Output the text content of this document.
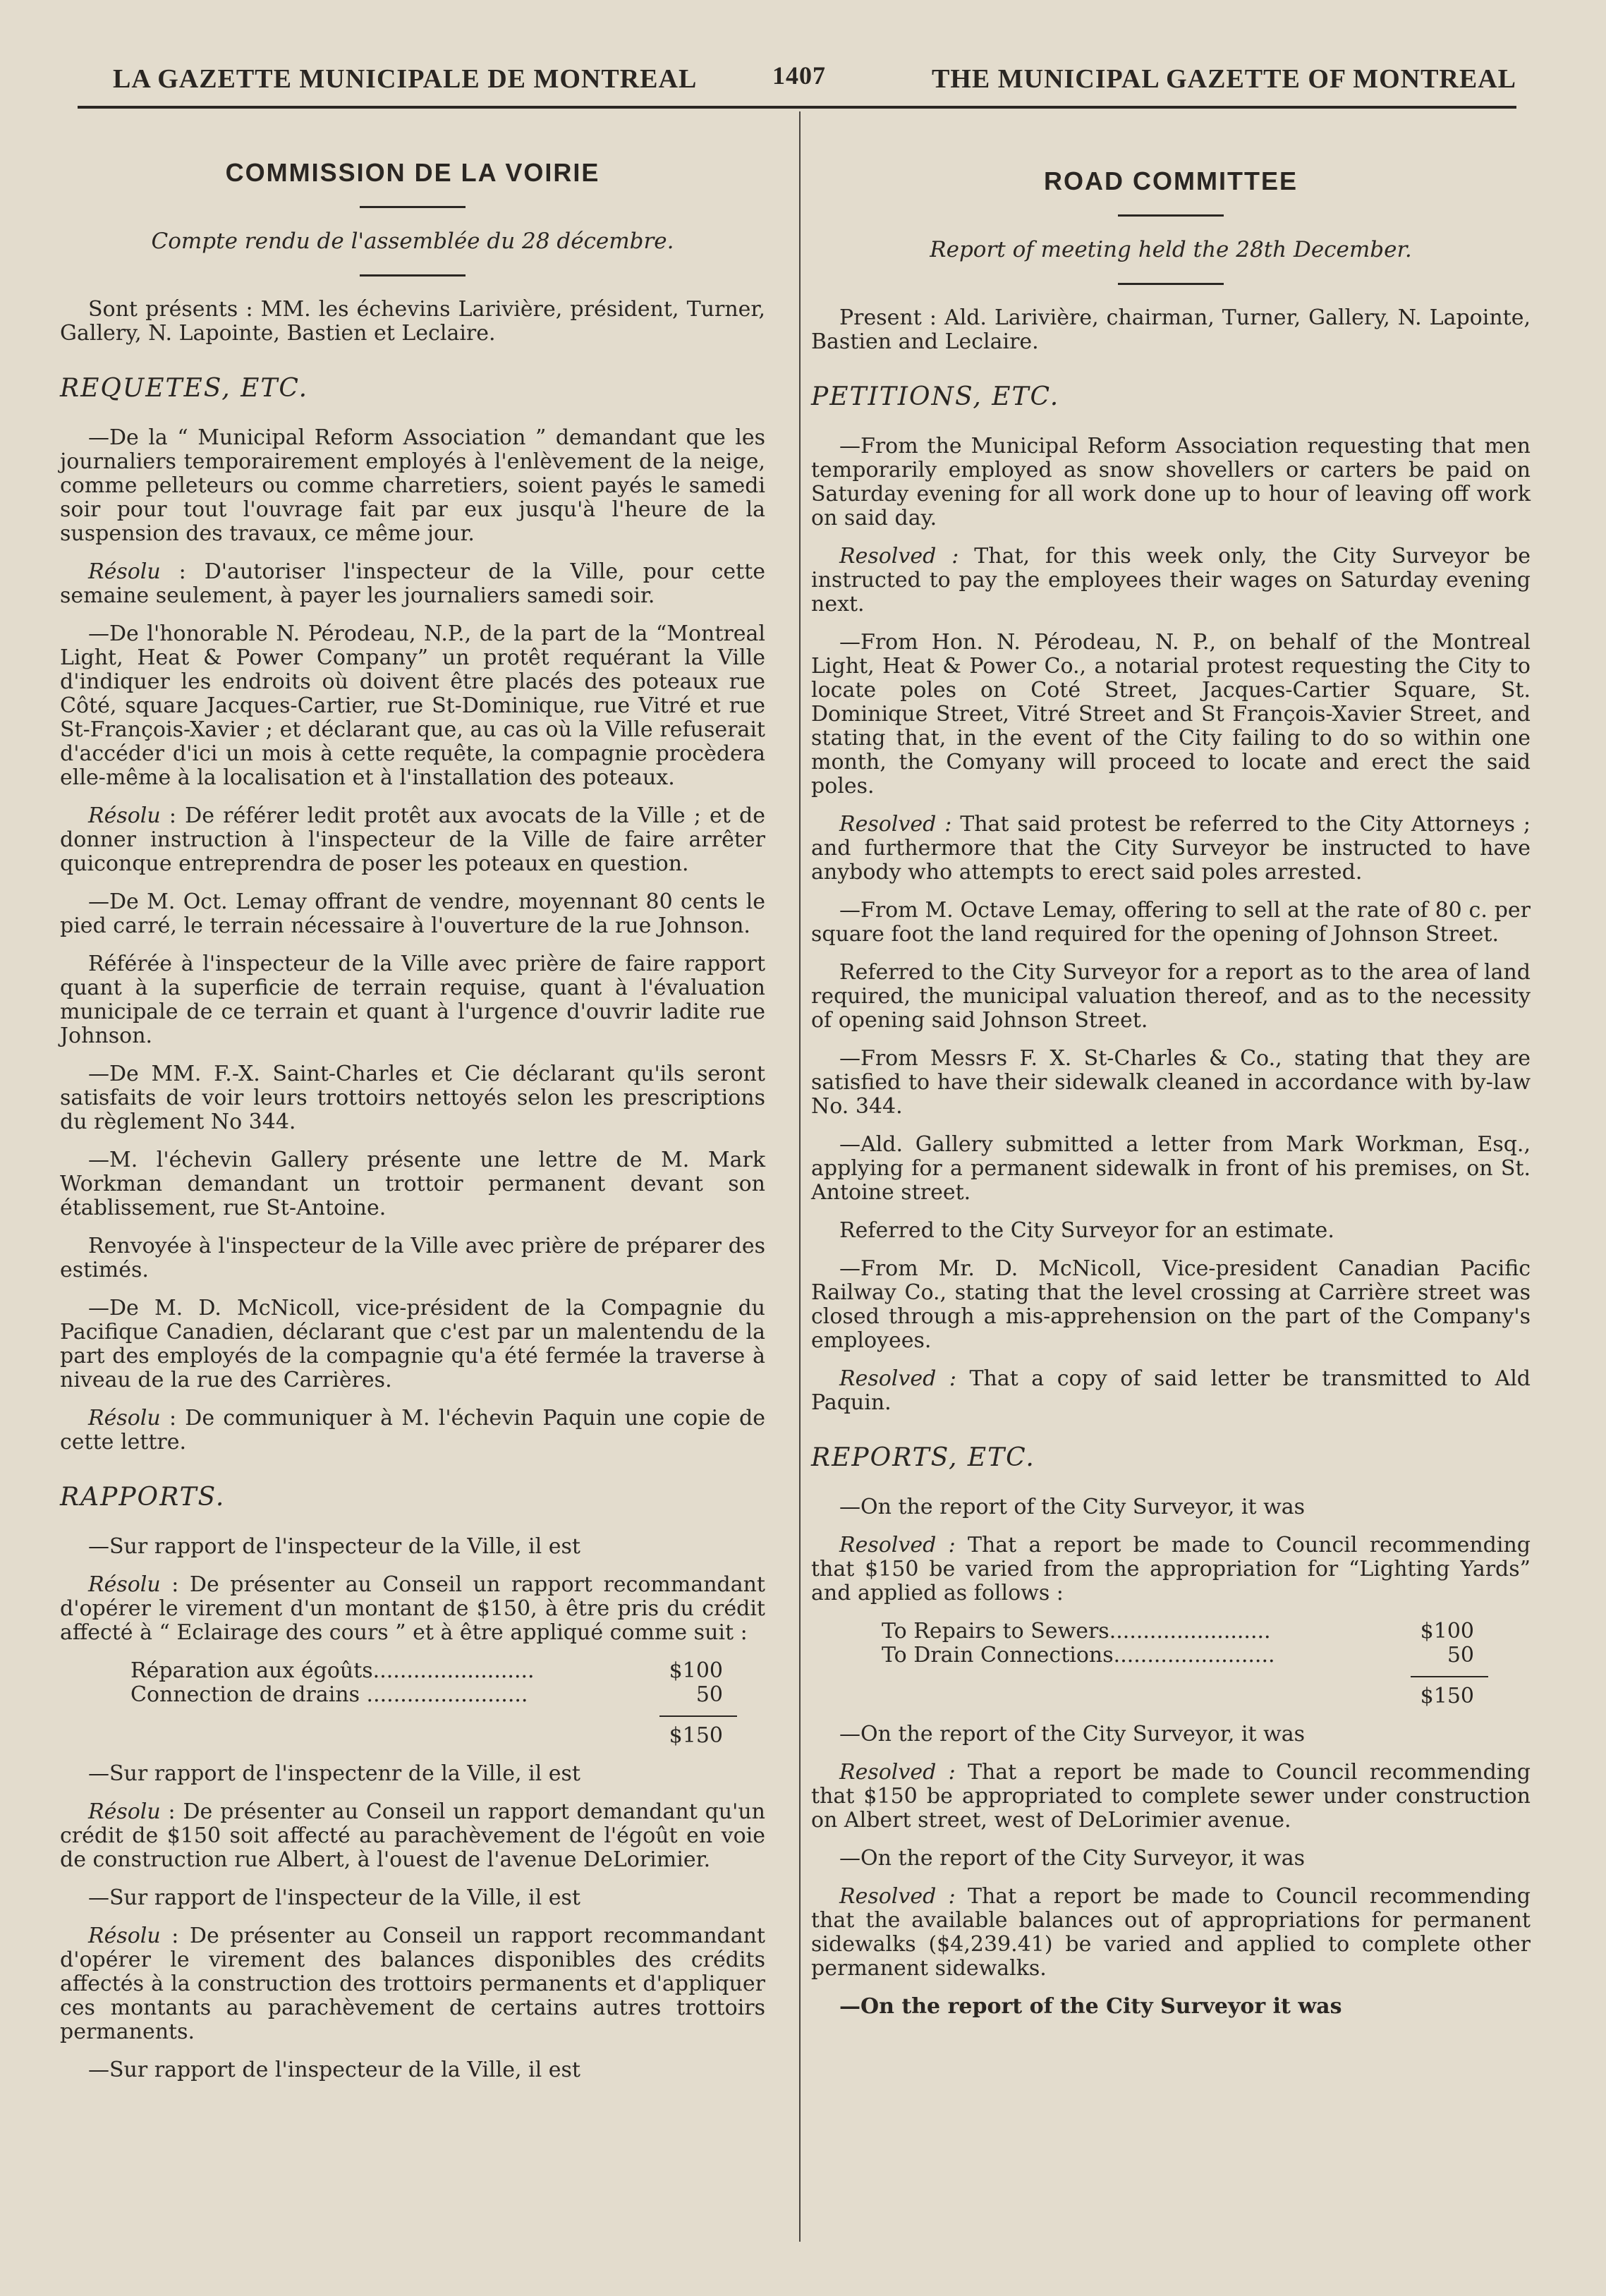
LA GAZETTE MUNICIPALE DE MONTREAL	1407	THE MUNICIPAL GAZETTE OF MONTREAL
COMMISSION DE LA VOIRIE
Compte rendu de l'assemblée du 28 décembre.

Sont présents : MM. les échevins Larivière, président, Turner, Gallery, N. Lapointe, Bastien et Leclaire.

REQUETES, ETC.

—De la “ Municipal Reform Association ” demandant que les journaliers temporairement employés à l'enlèvement de la neige, comme pelleteurs ou comme charretiers, soient payés le samedi soir pour tout l'ouvrage fait par eux jusqu'à l'heure de la suspension des travaux, ce même jour.

Résolu : D'autoriser l'inspecteur de la Ville, pour cette semaine seulement, à payer les journaliers samedi soir.

—De l'honorable N. Pérodeau, N.P., de la part de la “Montreal Light, Heat & Power Company” un protêt requérant la Ville d'indiquer les endroits où doivent être placés des poteaux rue Côté, square Jacques-Cartier, rue St-Dominique, rue Vitré et rue St-François-Xavier ; et déclarant que, au cas où la Ville refuserait d'accéder d'ici un mois à cette requête, la compagnie procèdera elle-même à la localisation et à l'installation des poteaux.

Résolu : De référer ledit protêt aux avocats de la Ville ; et de donner instruction à l'inspecteur de la Ville de faire arrêter quiconque entreprendra de poser les poteaux en question.

—De M. Oct. Lemay offrant de vendre, moyennant 80 cents le pied carré, le terrain nécessaire à l'ouverture de la rue Johnson.

Référée à l'inspecteur de la Ville avec prière de faire rapport quant à la superficie de terrain requise, quant à l'évaluation municipale de ce terrain et quant à l'urgence d'ouvrir ladite rue Johnson.

—De MM. F.-X. Saint-Charles et Cie déclarant qu'ils seront satisfaits de voir leurs trottoirs nettoyés selon les prescriptions du règlement No 344.

—M. l'échevin Gallery présente une lettre de M. Mark Workman demandant un trottoir permanent devant son établissement, rue St-Antoine.

Renvoyée à l'inspecteur de la Ville avec prière de préparer des estimés.

—De M. D. McNicoll, vice-président de la Compagnie du Pacifique Canadien, déclarant que c'est par un malentendu de la part des employés de la compagnie qu'a été fermée la traverse à niveau de la rue des Carrières.

Résolu : De communiquer à M. l'échevin Paquin une copie de cette lettre.

RAPPORTS.

—Sur rapport de l'inspecteur de la Ville, il est

Résolu : De présenter au Conseil un rapport recommandant d'opérer le virement d'un montant de $150, à être pris du crédit affecté à “ Eclairage des cours ” et à être appliqué comme suit :

Réparation aux égoûts........................	$100
Connection de drains ........................	50
$150

—Sur rapport de l'inspectenr de la Ville, il est

Résolu : De présenter au Conseil un rapport demandant qu'un crédit de $150 soit affecté au parachèvement de l'égoût en voie de construction rue Albert, à l'ouest de l'avenue DeLorimier.

—Sur rapport de l'inspecteur de la Ville, il est

Résolu : De présenter au Conseil un rapport recommandant d'opérer le virement des balances disponibles des crédits affectés à la construction des trottoirs permanents et d'appliquer ces montants au parachèvement de certains autres trottoirs permanents.

—Sur rapport de l'inspecteur de la Ville, il est

ROAD COMMITTEE
Report of meeting held the 28th December.

Present : Ald. Larivière, chairman, Turner, Gallery, N. Lapointe, Bastien and Leclaire.

PETITIONS, ETC.

—From the Municipal Reform Association requesting that men temporarily employed as snow shovellers or carters be paid on Saturday evening for all work done up to hour of leaving off work on said day.

Resolved : That, for this week only, the City Surveyor be instructed to pay the employees their wages on Saturday evening next.

—From Hon. N. Pérodeau, N. P., on behalf of the Montreal Light, Heat & Power Co., a notarial protest requesting the City to locate poles on Coté Street, Jacques-Cartier Square, St. Dominique Street, Vitré Street and St François-Xavier Street, and stating that, in the event of the City failing to do so within one month, the Comyany will proceed to locate and erect the said poles.

Resolved : That said protest be referred to the City Attorneys ; and furthermore that the City Surveyor be instructed to have anybody who attempts to erect said poles arrested.

—From M. Octave Lemay, offering to sell at the rate of 80 c. per square foot the land required for the opening of Johnson Street.

Referred to the City Surveyor for a report as to the area of land required, the municipal valuation thereof, and as to the necessity of opening said Johnson Street.

—From Messrs F. X. St-Charles & Co., stating that they are satisfied to have their sidewalk cleaned in accordance with by-law No. 344.

—Ald. Gallery submitted a letter from Mark Workman, Esq., applying for a permanent sidewalk in front of his premises, on St. Antoine street.

Referred to the City Surveyor for an estimate.

—From Mr. D. McNicoll, Vice-president Canadian Pacific Railway Co., stating that the level crossing at Carrière street was closed through a mis-apprehension on the part of the Company's employees.

Resolved : That a copy of said letter be transmitted to Ald Paquin.

REPORTS, ETC.

—On the report of the City Surveyor, it was

Resolved : That a report be made to Council recommending that $150 be varied from the appropriation for “Lighting Yards” and applied as follows :

To Repairs to Sewers........................	$100
To Drain Connections........................	50
$150

—On the report of the City Surveyor, it was

Resolved : That a report be made to Council recommending that $150 be appropriated to complete sewer under construction on Albert street, west of DeLorimier avenue.

—On the report of the City Surveyor, it was

Resolved : That a report be made to Council recommending that the available balances out of appropriations for permanent sidewalks ($4,239.41) be varied and applied to complete other permanent sidewalks.

—On the report of the City Surveyor it was
